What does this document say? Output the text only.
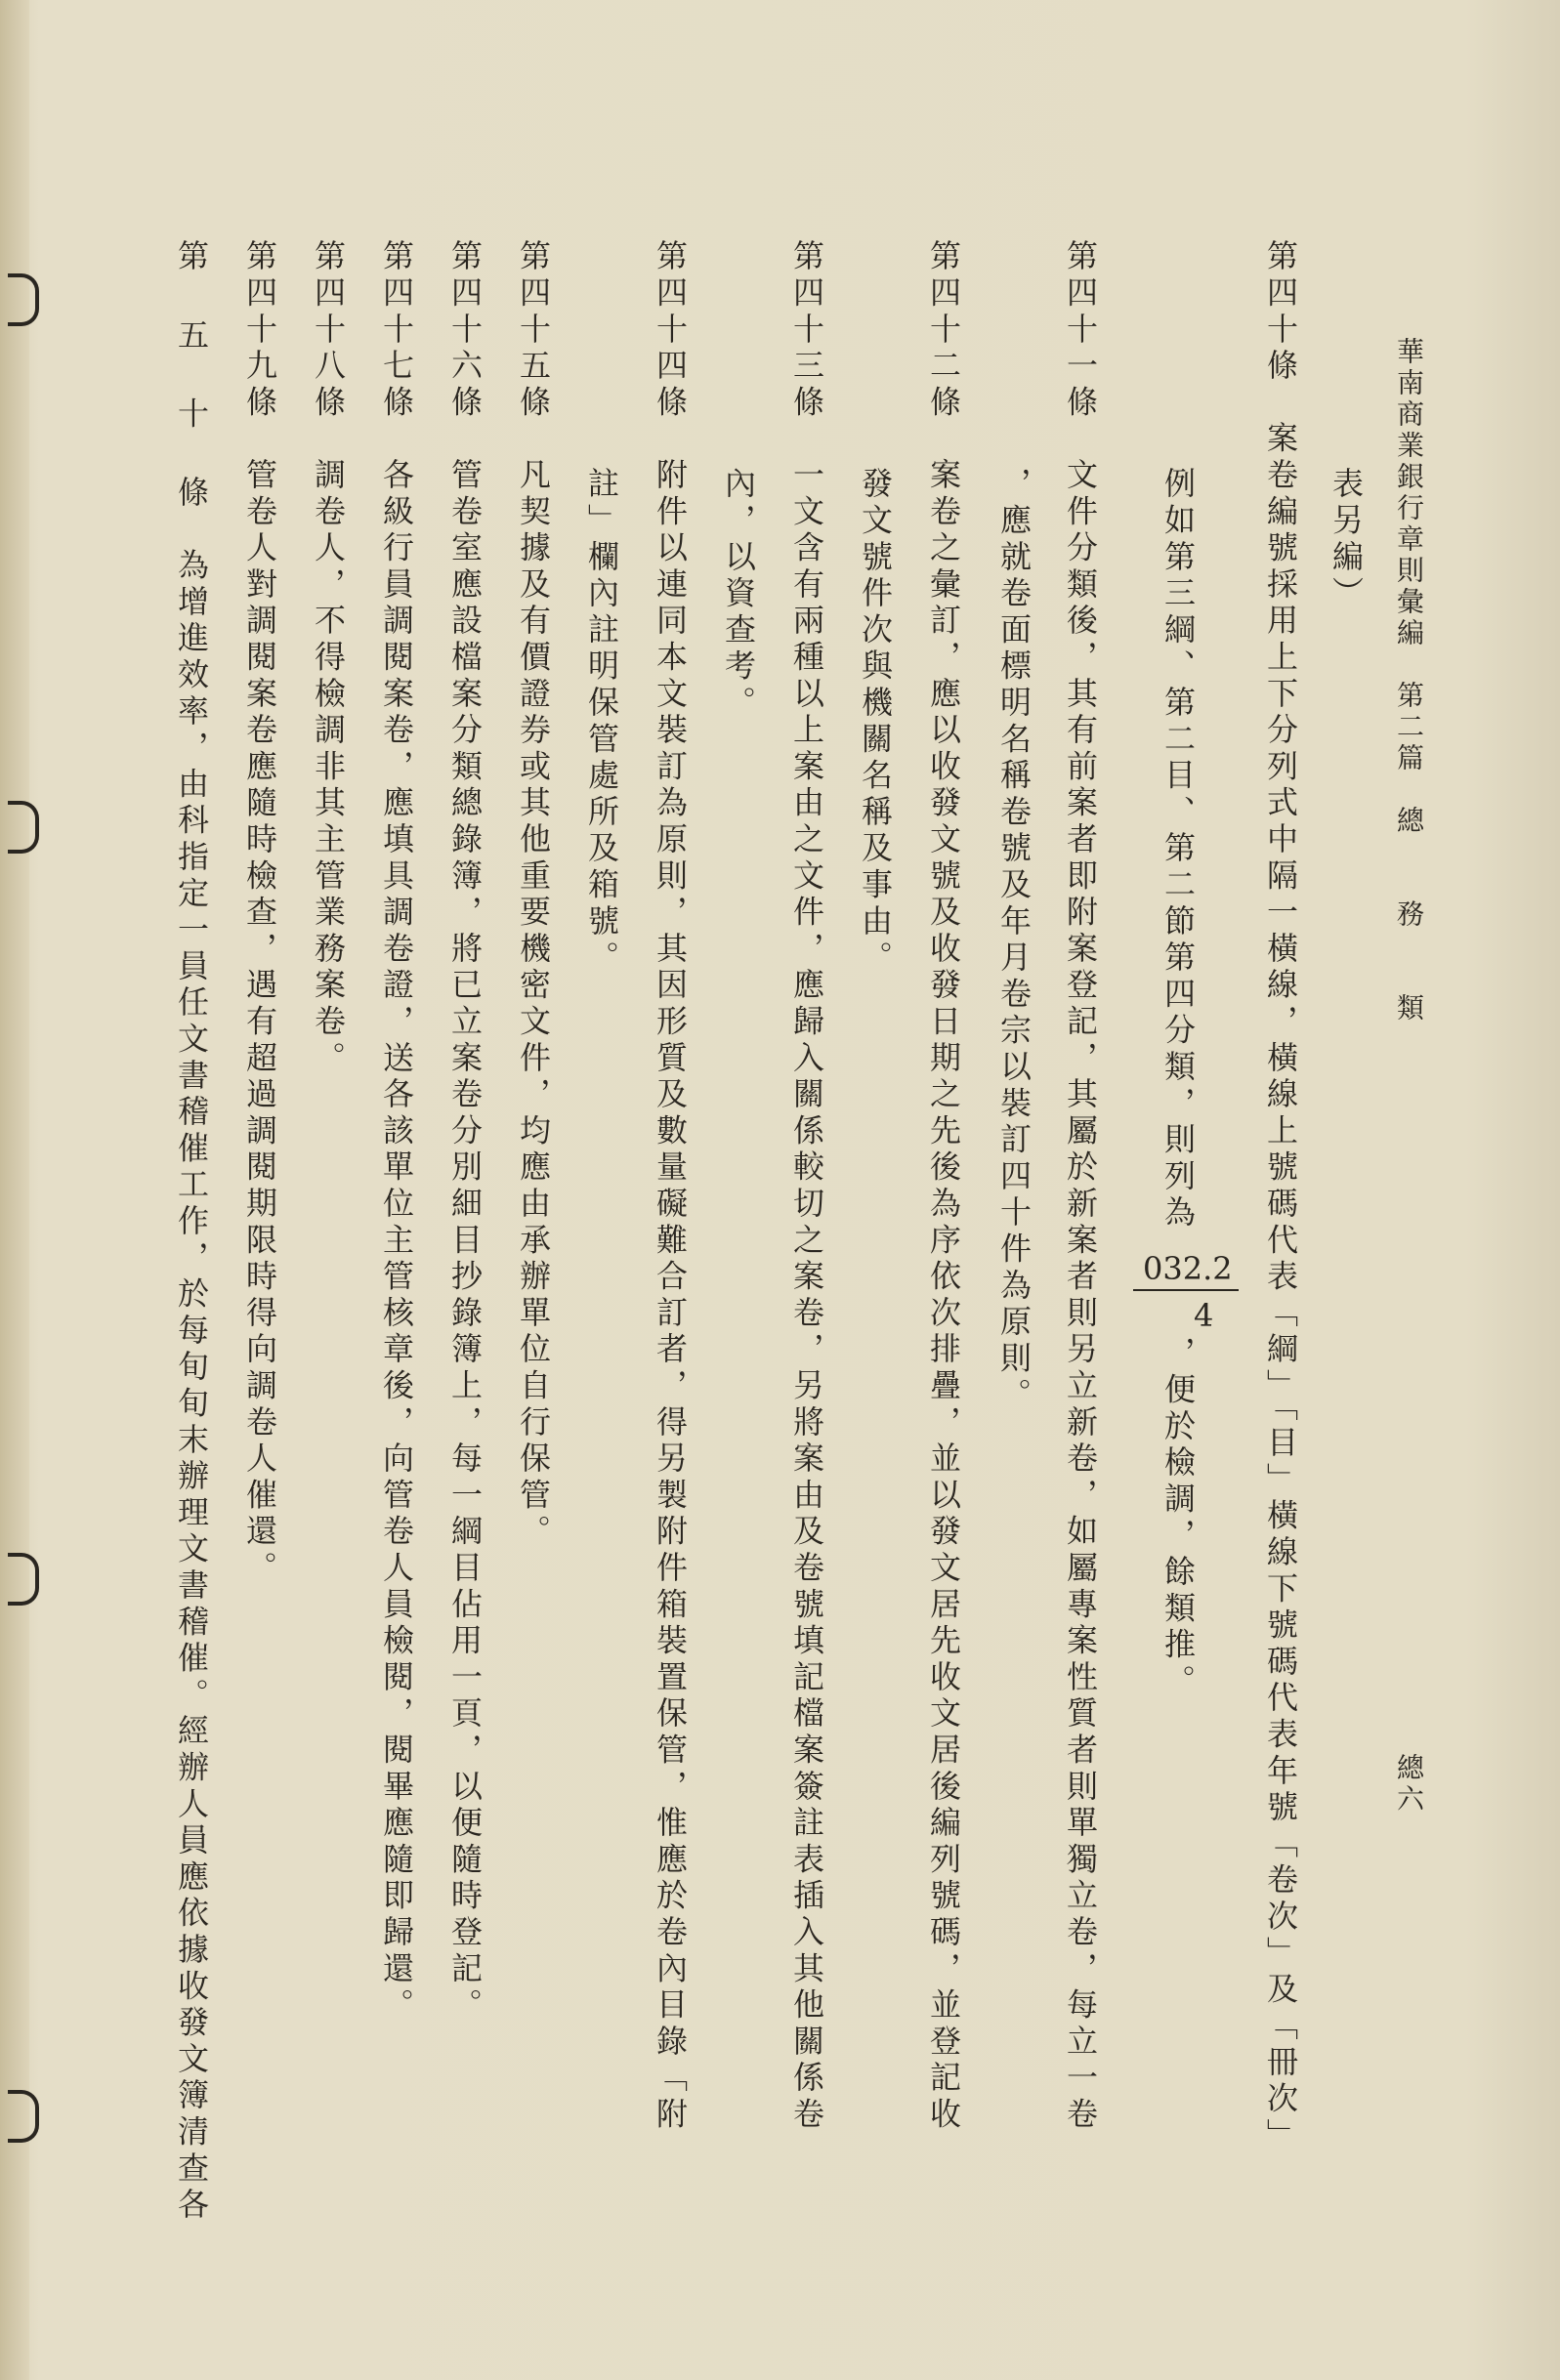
華南商業銀行章則彙編　第二篇　總　　務　　類
總六
表另編）
第四十條　案卷編號採用上下分列式中隔一橫線，橫線上號碼代表「綱」「目」橫線下號碼代表年號「卷次」及「冊次」
例如第三綱、第二目、第二節第四分類，則列為
032.2
4
，便於檢調，餘類推。
第四十一條　文件分類後，其有前案者即附案登記，其屬於新案者則另立新卷，如屬專案性質者則單獨立卷，每立一卷
，應就卷面標明名稱卷號及年月卷宗以裝訂四十件為原則。
第四十二條　案卷之彙訂，應以收發文號及收發日期之先後為序依次排疊，並以發文居先收文居後編列號碼，並登記收
發文號件次與機關名稱及事由。
第四十三條　一文含有兩種以上案由之文件，應歸入關係較切之案卷，另將案由及卷號填記檔案簽註表插入其他關係卷
內，以資查考。
第四十四條　附件以連同本文裝訂為原則，其因形質及數量礙難合訂者，得另製附件箱裝置保管，惟應於卷內目錄「附
註」欄內註明保管處所及箱號。
第四十五條　凡契據及有價證券或其他重要機密文件，均應由承辦單位自行保管。
第四十六條　管卷室應設檔案分類總錄簿，將已立案卷分別細目抄錄簿上，每一綱目佔用一頁，以便隨時登記。
第四十七條　各級行員調閱案卷，應填具調卷證，送各該單位主管核章後，向管卷人員檢閱，閱畢應隨即歸還。
第四十八條　調卷人，不得檢調非其主管業務案卷。
第四十九條　管卷人對調閱案卷應隨時檢查，遇有超過調閱期限時得向調卷人催還。
第 五 十 條　為增進效率，由科指定一員任文書稽催工作，於每旬旬末辦理文書稽催。經辦人員應依據收發文簿清查各
